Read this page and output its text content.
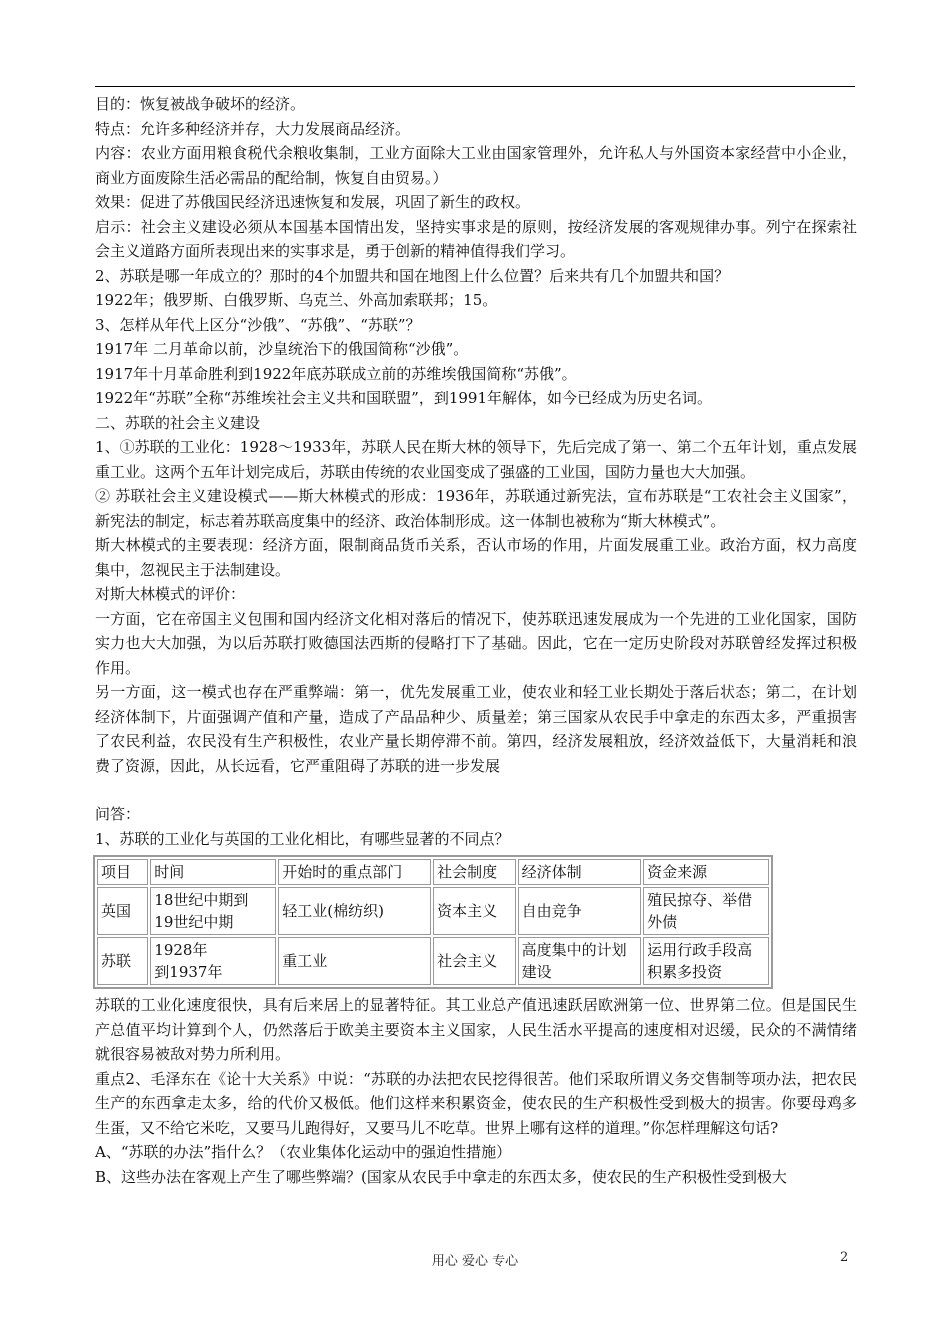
目的：恢复被战争破坏的经济。
特点：允许多种经济并存，大力发展商品经济。
内容：农业方面用粮食税代余粮收集制，工业方面除大工业由国家管理外，允许私人与外国资本家经营中小企业，商业方面废除生活必需品的配给制，恢复自由贸易。）
效果：促进了苏俄国民经济迅速恢复和发展，巩固了新生的政权。
启示：社会主义建设必须从本国基本国情出发，坚持实事求是的原则，按经济发展的客观规律办事。列宁在探索社会主义道路方面所表现出来的实事求是，勇于创新的精神值得我们学习。
2、苏联是哪一年成立的？那时的4个加盟共和国在地图上什么位置？后来共有几个加盟共和国？
1922年；俄罗斯、白俄罗斯、乌克兰、外高加索联邦；15。
3、怎样从年代上区分“沙俄”、“苏俄”、“苏联”？
1917年 二月革命以前，沙皇统治下的俄国简称“沙俄”。
1917年十月革命胜利到1922年底苏联成立前的苏维埃俄国简称“苏俄”。
1922年“苏联”全称“苏维埃社会主义共和国联盟”，到1991年解体，如今已经成为历史名词。
二、苏联的社会主义建设
1、①苏联的工业化：1928～1933年，苏联人民在斯大林的领导下，先后完成了第一、第二个五年计划，重点发展重工业。这两个五年计划完成后，苏联由传统的农业国变成了强盛的工业国，国防力量也大大加强。
② 苏联社会主义建设模式——斯大林模式的形成：1936年，苏联通过新宪法，宣布苏联是“工农社会主义国家”，新宪法的制定，标志着苏联高度集中的经济、政治体制形成。这一体制也被称为“斯大林模式”。
斯大林模式的主要表现：经济方面，限制商品货币关系，否认市场的作用，片面发展重工业。政治方面，权力高度集中，忽视民主于法制建设。
对斯大林模式的评价：
一方面，它在帝国主义包围和国内经济文化相对落后的情况下，使苏联迅速发展成为一个先进的工业化国家，国防实力也大大加强，为以后苏联打败德国法西斯的侵略打下了基础。因此，它在一定历史阶段对苏联曾经发挥过积极作用。
另一方面，这一模式也存在严重弊端：第一，优先发展重工业，使农业和轻工业长期处于落后状态；第二，在计划经济体制下，片面强调产值和产量，造成了产品品种少、质量差；第三国家从农民手中拿走的东西太多，严重损害了农民利益，农民没有生产积极性，农业产量长期停滞不前。第四，经济发展粗放，经济效益低下，大量消耗和浪费了资源，因此，从长远看，它严重阻碍了苏联的进一步发展
问答：
1、苏联的工业化与英国的工业化相比，有哪些显著的不同点？
项目	时间	开始时的重点部门	社会制度	经济体制	资金来源
英国	18世纪中期到
19世纪中期	轻工业(棉纺织)	资本主义	自由竞争	殖民掠夺、举借外债
苏联	1928年
到1937年	重工业	社会主义	高度集中的计划建设	运用行政手段高积累多投资
苏联的工业化速度很快，具有后来居上的显著特征。其工业总产值迅速跃居欧洲第一位、世界第二位。但是国民生产总值平均计算到个人，仍然落后于欧美主要资本主义国家，人民生活水平提高的速度相对迟缓，民众的不满情绪就很容易被敌对势力所利用。
重点2、毛泽东在《论十大关系》中说：“苏联的办法把农民挖得很苦。他们采取所谓义务交售制等项办法，把农民生产的东西拿走太多，给的代价又极低。他们这样来积累资金，使农民的生产积极性受到极大的损害。你要母鸡多生蛋，又不给它米吃，又要马儿跑得好，又要马儿不吃草。世界上哪有这样的道理。”你怎样理解这句话?
A、“苏联的办法”指什么？（农业集体化运动中的强迫性措施）
B、这些办法在客观上产生了哪些弊端？(国家从农民手中拿走的东西太多，使农民的生产积极性受到极大
用心 爱心 专心	2
